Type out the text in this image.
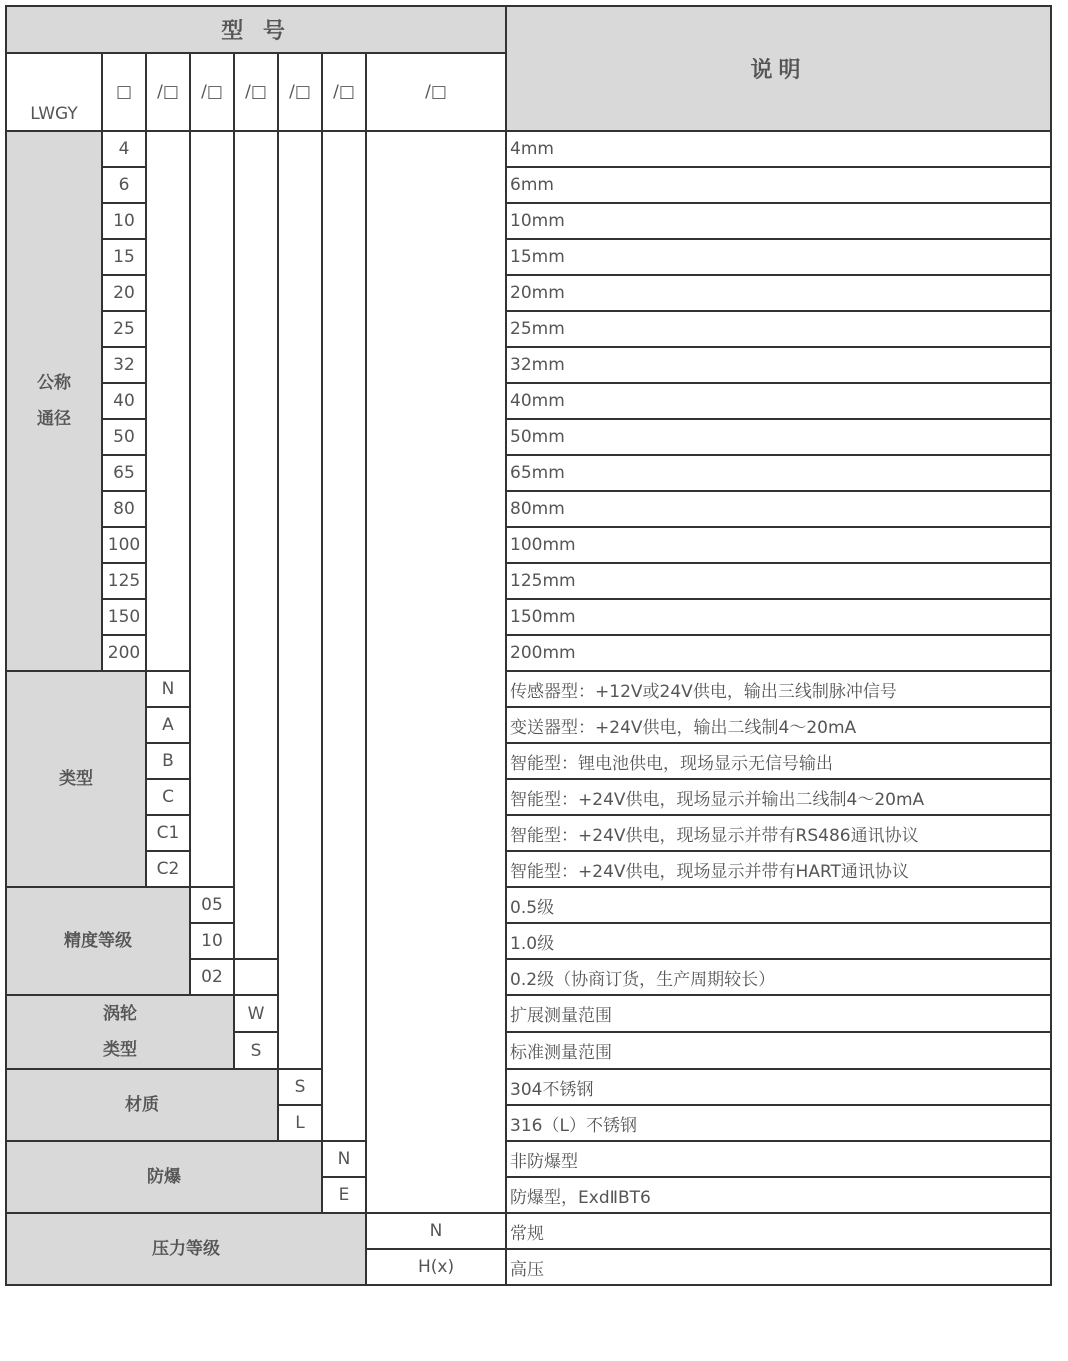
型 号								说明
LWGY	□	/□	/□	/□	/□	/□	/□	

公称
通径	4							4mm
	6							6mm
	10							10mm
	15							15mm
	20							20mm
	25							25mm
	32							32mm
	40							40mm
	50							50mm
	65							65mm
	80							80mm
	100							100mm
	125							125mm
	150							150mm
	200							200mm

类型		N						传感器型：+12V或24V供电，输出三线制脉冲信号
		A						变送器型：+24V供电，输出二线制4～20mA
		B						智能型：锂电池供电，现场显示无信号输出
		C						智能型：+24V供电，现场显示并输出二线制4～20mA
		C1						智能型：+24V供电，现场显示并带有RS486通讯协议
		C2						智能型：+24V供电，现场显示并带有HART通讯协议

精度等级			05					0.5级
			10					1.0级
			02					0.2级（协商订货，生产周期较长）

涡轮
类型				W				扩展测量范围
				S				标准测量范围

材质					S			304不锈钢
					L			316（L）不锈钢

防爆						N		非防爆型
						E		防爆型，ExdⅡBT6

压力等级							N	常规
							H(x)	高压
